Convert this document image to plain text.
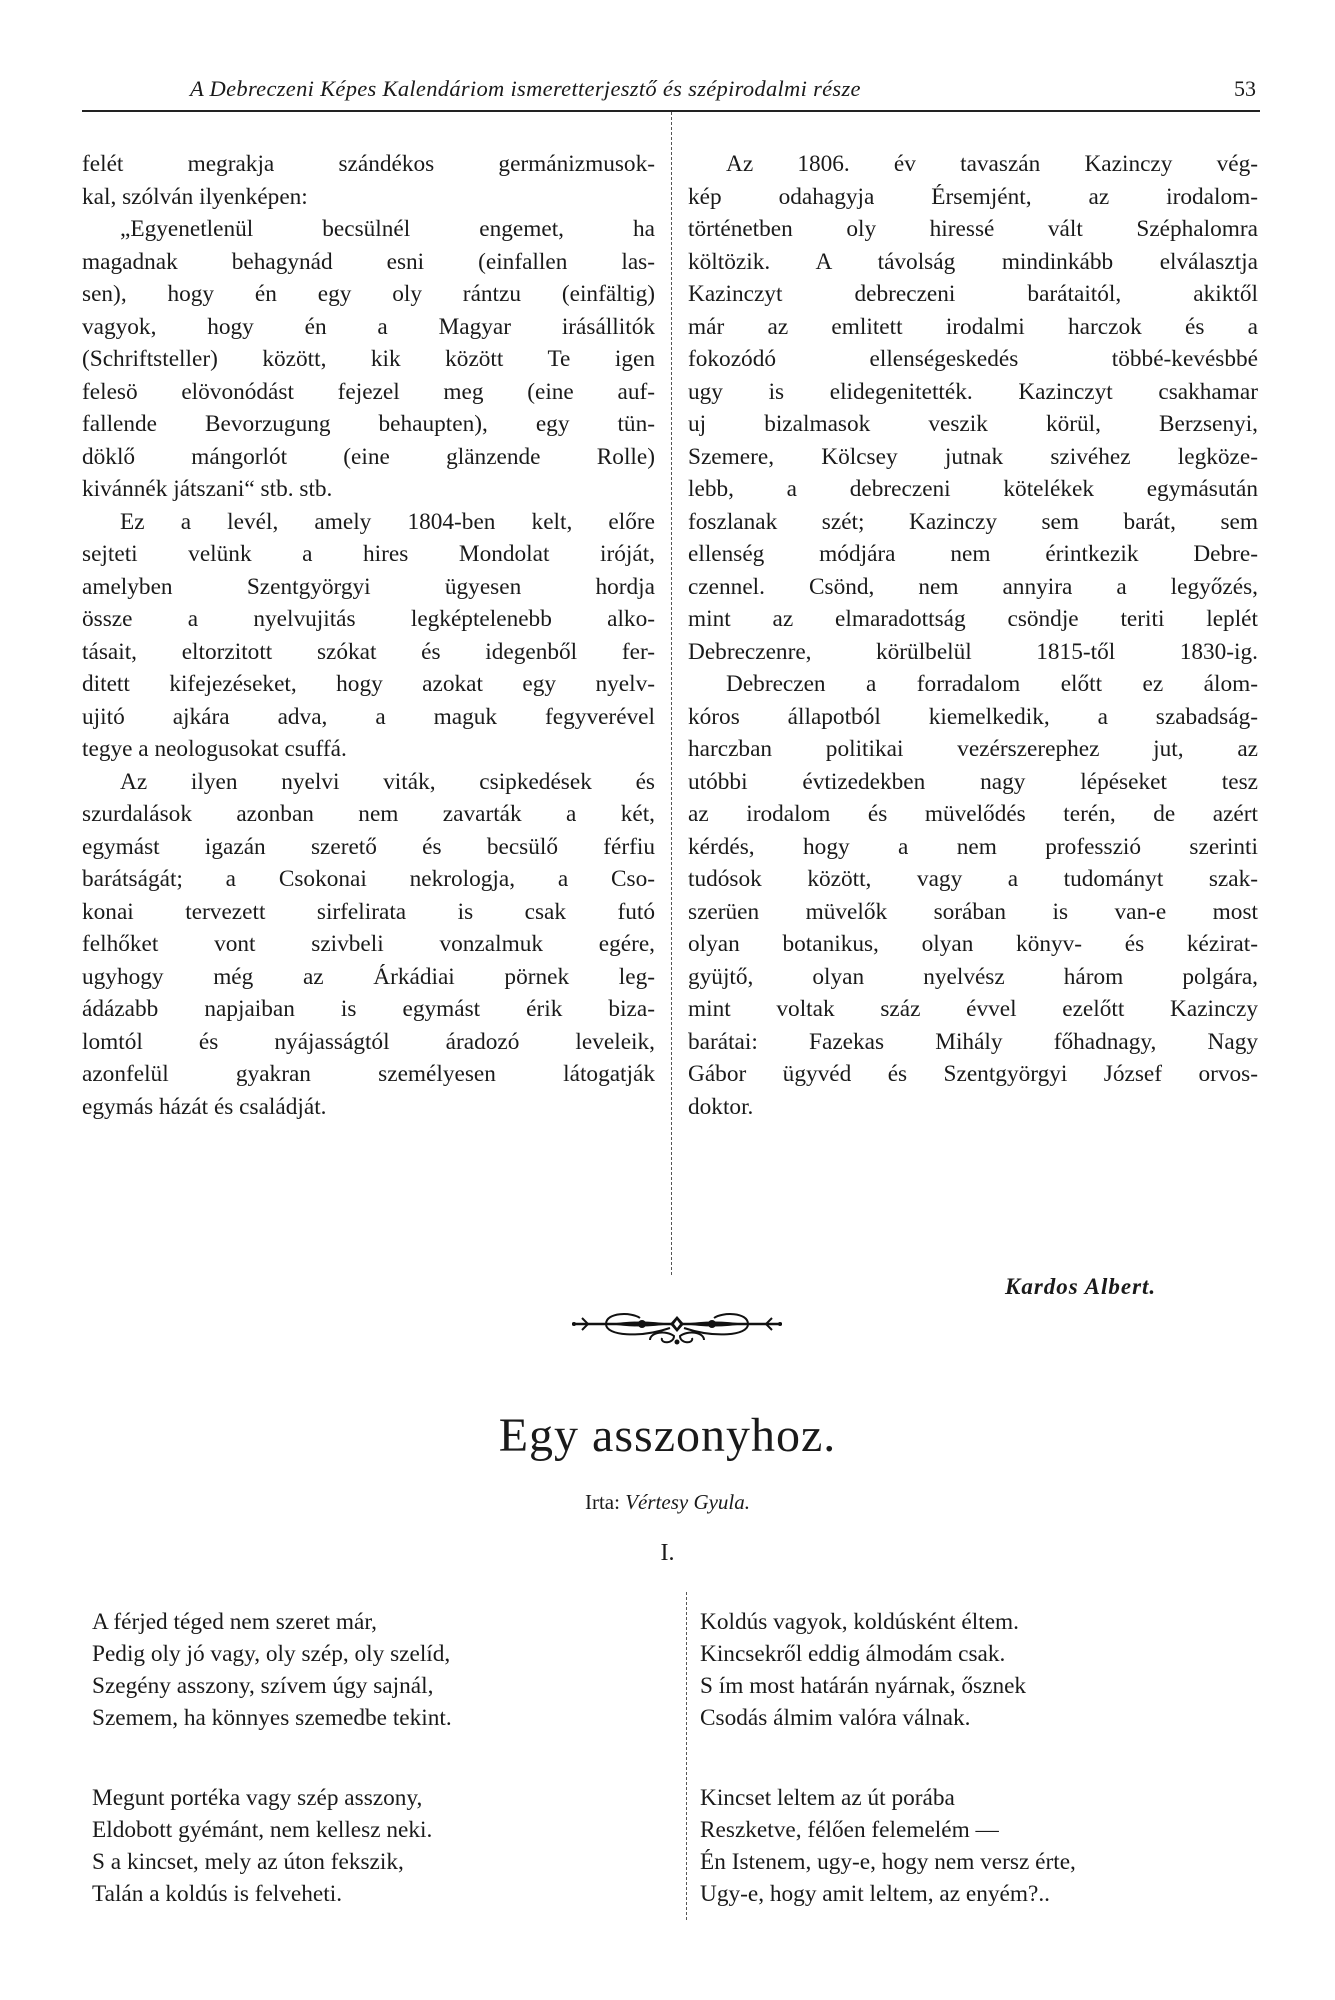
A Debreczeni Képes Kalendáriom ismeretterjesztő és szépirodalmi része	53
felét megrakja szándékos germánizmusok-
kal, szólván ilyenképen:
„Egyenetlenül becsülnél engemet, ha
magadnak behagynád esni (einfallen las-
sen), hogy én egy oly rántzu (einfältig)
vagyok, hogy én a Magyar irásállitók
(Schriftsteller) között, kik között Te igen
felesö elövonódást fejezel meg (eine auf-
fallende Bevorzugung behaupten), egy tün-
döklő mángorlót (eine glänzende Rolle)
kivánnék játszani“ stb. stb.
Ez a levél, amely 1804-ben kelt, előre
sejteti velünk a hires Mondolat iróját,
amelyben Szentgyörgyi ügyesen hordja
össze a nyelvujitás legképtelenebb alko-
tásait, eltorzitott szókat és idegenből fer-
ditett kifejezéseket, hogy azokat egy nyelv-
ujitó ajkára adva, a maguk fegyverével
tegye a neologusokat csuffá.
Az ilyen nyelvi viták, csipkedések és
szurdalások azonban nem zavarták a két,
egymást igazán szerető és becsülő férfiu
barátságát; a Csokonai nekrologja, a Cso-
konai tervezett sirfelirata is csak futó
felhőket vont szivbeli vonzalmuk egére,
ugyhogy még az Árkádiai pörnek leg-
ádázabb napjaiban is egymást érik biza-
lomtól és nyájasságtól áradozó leveleik,
azonfelül gyakran személyesen látogatják
egymás házát és családját.
Az 1806. év tavaszán Kazinczy vég-
kép odahagyja Érsemjént, az irodalom-
történetben oly hiressé vált Széphalomra
költözik. A távolság mindinkább elválasztja
Kazinczyt debreczeni barátaitól, akiktől
már az emlitett irodalmi harczok és a
fokozódó ellenségeskedés többé-kevésbbé
ugy is elidegenitették. Kazinczyt csakhamar
uj bizalmasok veszik körül, Berzsenyi,
Szemere, Kölcsey jutnak szivéhez legköze-
lebb, a debreczeni kötelékek egymásután
foszlanak szét; Kazinczy sem barát, sem
ellenség módjára nem érintkezik Debre-
czennel. Csönd, nem annyira a legyőzés,
mint az elmaradottság csöndje teriti leplét
Debreczenre, körülbelül 1815-től 1830-ig.
Debreczen a forradalom előtt ez álom-
kóros állapotból kiemelkedik, a szabadság-
harczban politikai vezérszerephez jut, az
utóbbi évtizedekben nagy lépéseket tesz
az irodalom és müvelődés terén, de azért
kérdés, hogy a nem professzió szerinti
tudósok között, vagy a tudományt szak-
szerüen müvelők sorában is van-e most
olyan botanikus, olyan könyv- és kézirat-
gyüjtő, olyan nyelvész három polgára,
mint voltak száz évvel ezelőtt Kazinczy
barátai: Fazekas Mihály főhadnagy, Nagy
Gábor ügyvéd és Szentgyörgyi József orvos-
doktor.
Kardos Albert.
Egy asszonyhoz.
Irta: Vértesy Gyula.
I.
A férjed téged nem szeret már,
Pedig oly jó vagy, oly szép, oly szelíd,
Szegény asszony, szívem úgy sajnál,
Szemem, ha könnyes szemedbe tekint.
Megunt portéka vagy szép asszony,
Eldobott gyémánt, nem kellesz neki.
S a kincset, mely az úton fekszik,
Talán a koldús is felveheti.
Koldús vagyok, koldúsként éltem.
Kincsekről eddig álmodám csak.
S ím most határán nyárnak, ősznek
Csodás álmim valóra válnak.
Kincset leltem az út porába
Reszketve, félően felemelém —
Én Istenem, ugy-e, hogy nem versz érte,
Ugy-e, hogy amit leltem, az enyém?..
